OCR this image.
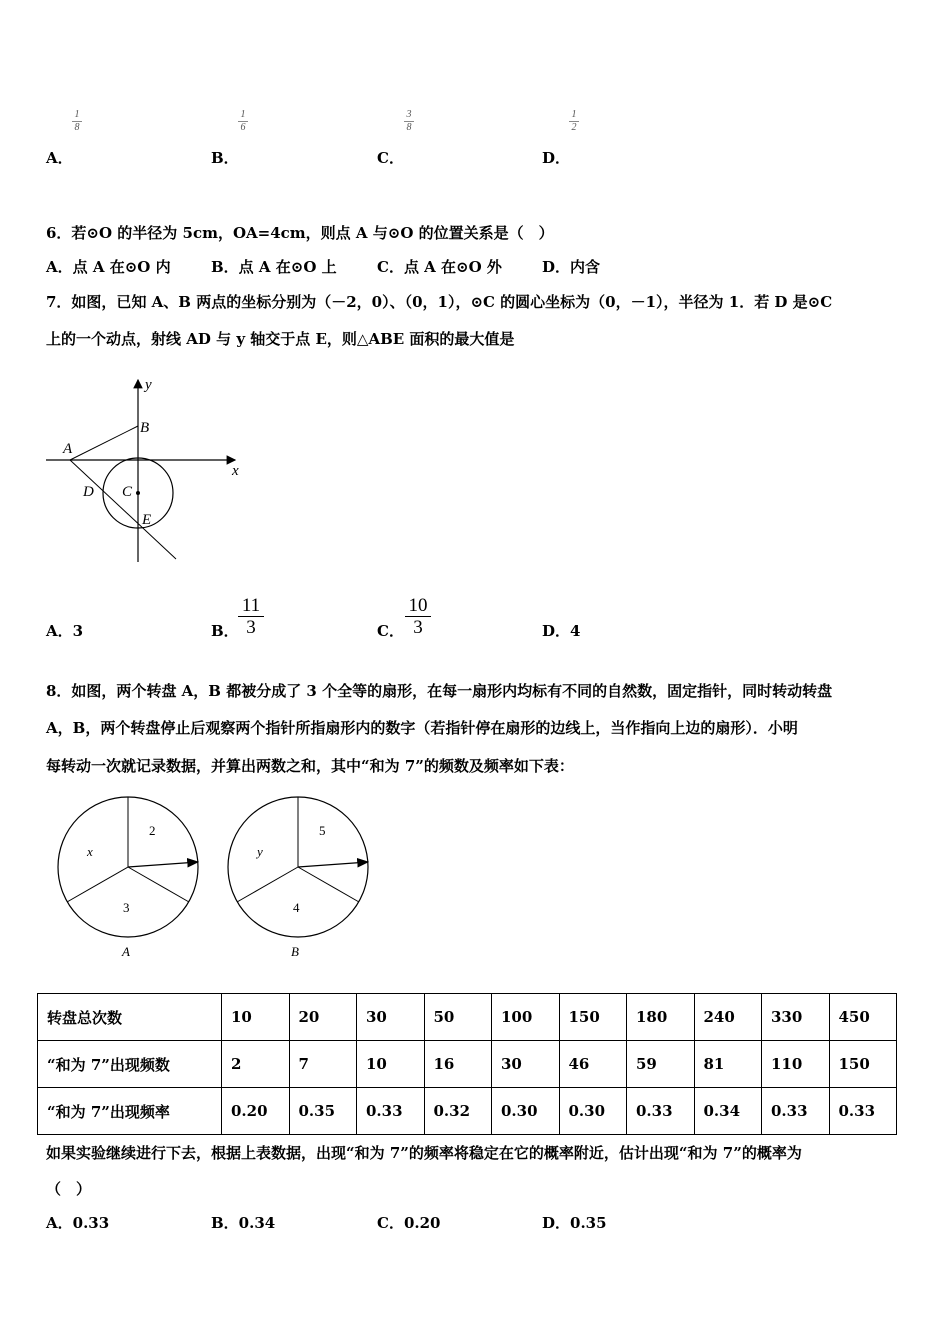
1
8
A．
1
6
B．
3
8
C．
1
2
D．
6．若⊙O 的半径为 5cm，OA=4cm，则点 A 与⊙O 的位置关系是（　）
A．点 A 在⊙O 内	B．点 A 在⊙O 上	C．点 A 在⊙O 外	D．内含
7．如图，已知 A、B 两点的坐标分别为（－2，0）、（0，1），⊙C 的圆心坐标为（0，－1），半径为 1．若 D 是⊙C
上的一个动点，射线 AD 与 y 轴交于点 E，则△ABE 面积的最大值是
y
x
A
B
C
D
E
A．3	B．
11
3	C．
10
3	D．4
8．如图，两个转盘 A，B 都被分成了 3 个全等的扇形，在每一扇形内均标有不同的自然数，固定指针，同时转动转盘
A，B，两个转盘停止后观察两个指针所指扇形内的数字（若指针停在扇形的边线上，当作指向上边的扇形）．小明
每转动一次就记录数据，并算出两数之和，其中“和为 7”的频数及频率如下表：
2
x
3
A
5
y
4
B
转盘总次数	10	20	30	50	100	150	180	240	330	450
“和为 7”出现频数	2	7	10	16	30	46	59	81	110	150
“和为 7”出现频率	0.20	0.35	0.33	0.32	0.30	0.30	0.33	0.34	0.33	0.33
如果实验继续进行下去，根据上表数据，出现“和为 7”的频率将稳定在它的概率附近，估计出现“和为 7”的概率为
（　）
A．0.33	B．0.34	C．0.20	D．0.35
